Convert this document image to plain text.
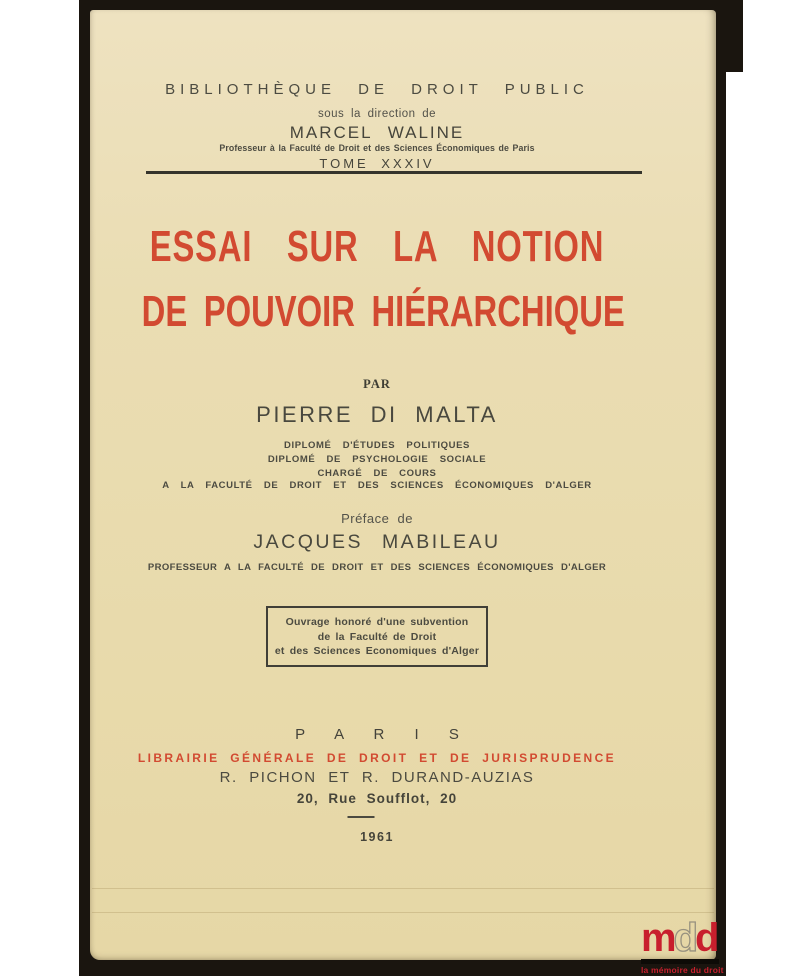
BIBLIOTHÈQUE DE DROIT PUBLIC
sous la direction de
MARCEL WALINE
Professeur à la Faculté de Droit et des Sciences Économiques de Paris
TOME XXXIV
ESSAI SUR LA NOTION
DE POUVOIR HIÉRARCHIQUE
PAR
PIERRE DI MALTA
DIPLOMÉ D'ÉTUDES POLITIQUES
DIPLOMÉ DE PSYCHOLOGIE SOCIALE
CHARGÉ DE COURS
A LA FACULTÉ DE DROIT ET DES SCIENCES ÉCONOMIQUES D'ALGER
Préface de
JACQUES MABILEAU
PROFESSEUR A LA FACULTÉ DE DROIT ET DES SCIENCES ÉCONOMIQUES D'ALGER
Ouvrage honoré d'une subvention
de la Faculté de Droit
et des Sciences Economiques d'Alger
P A R I S
LIBRAIRIE GÉNÉRALE DE DROIT ET DE JURISPRUDENCE
R. PICHON ET R. DURAND-AUZIAS
20, Rue Soufflot, 20
1961
mdd
la mémoire du droit
